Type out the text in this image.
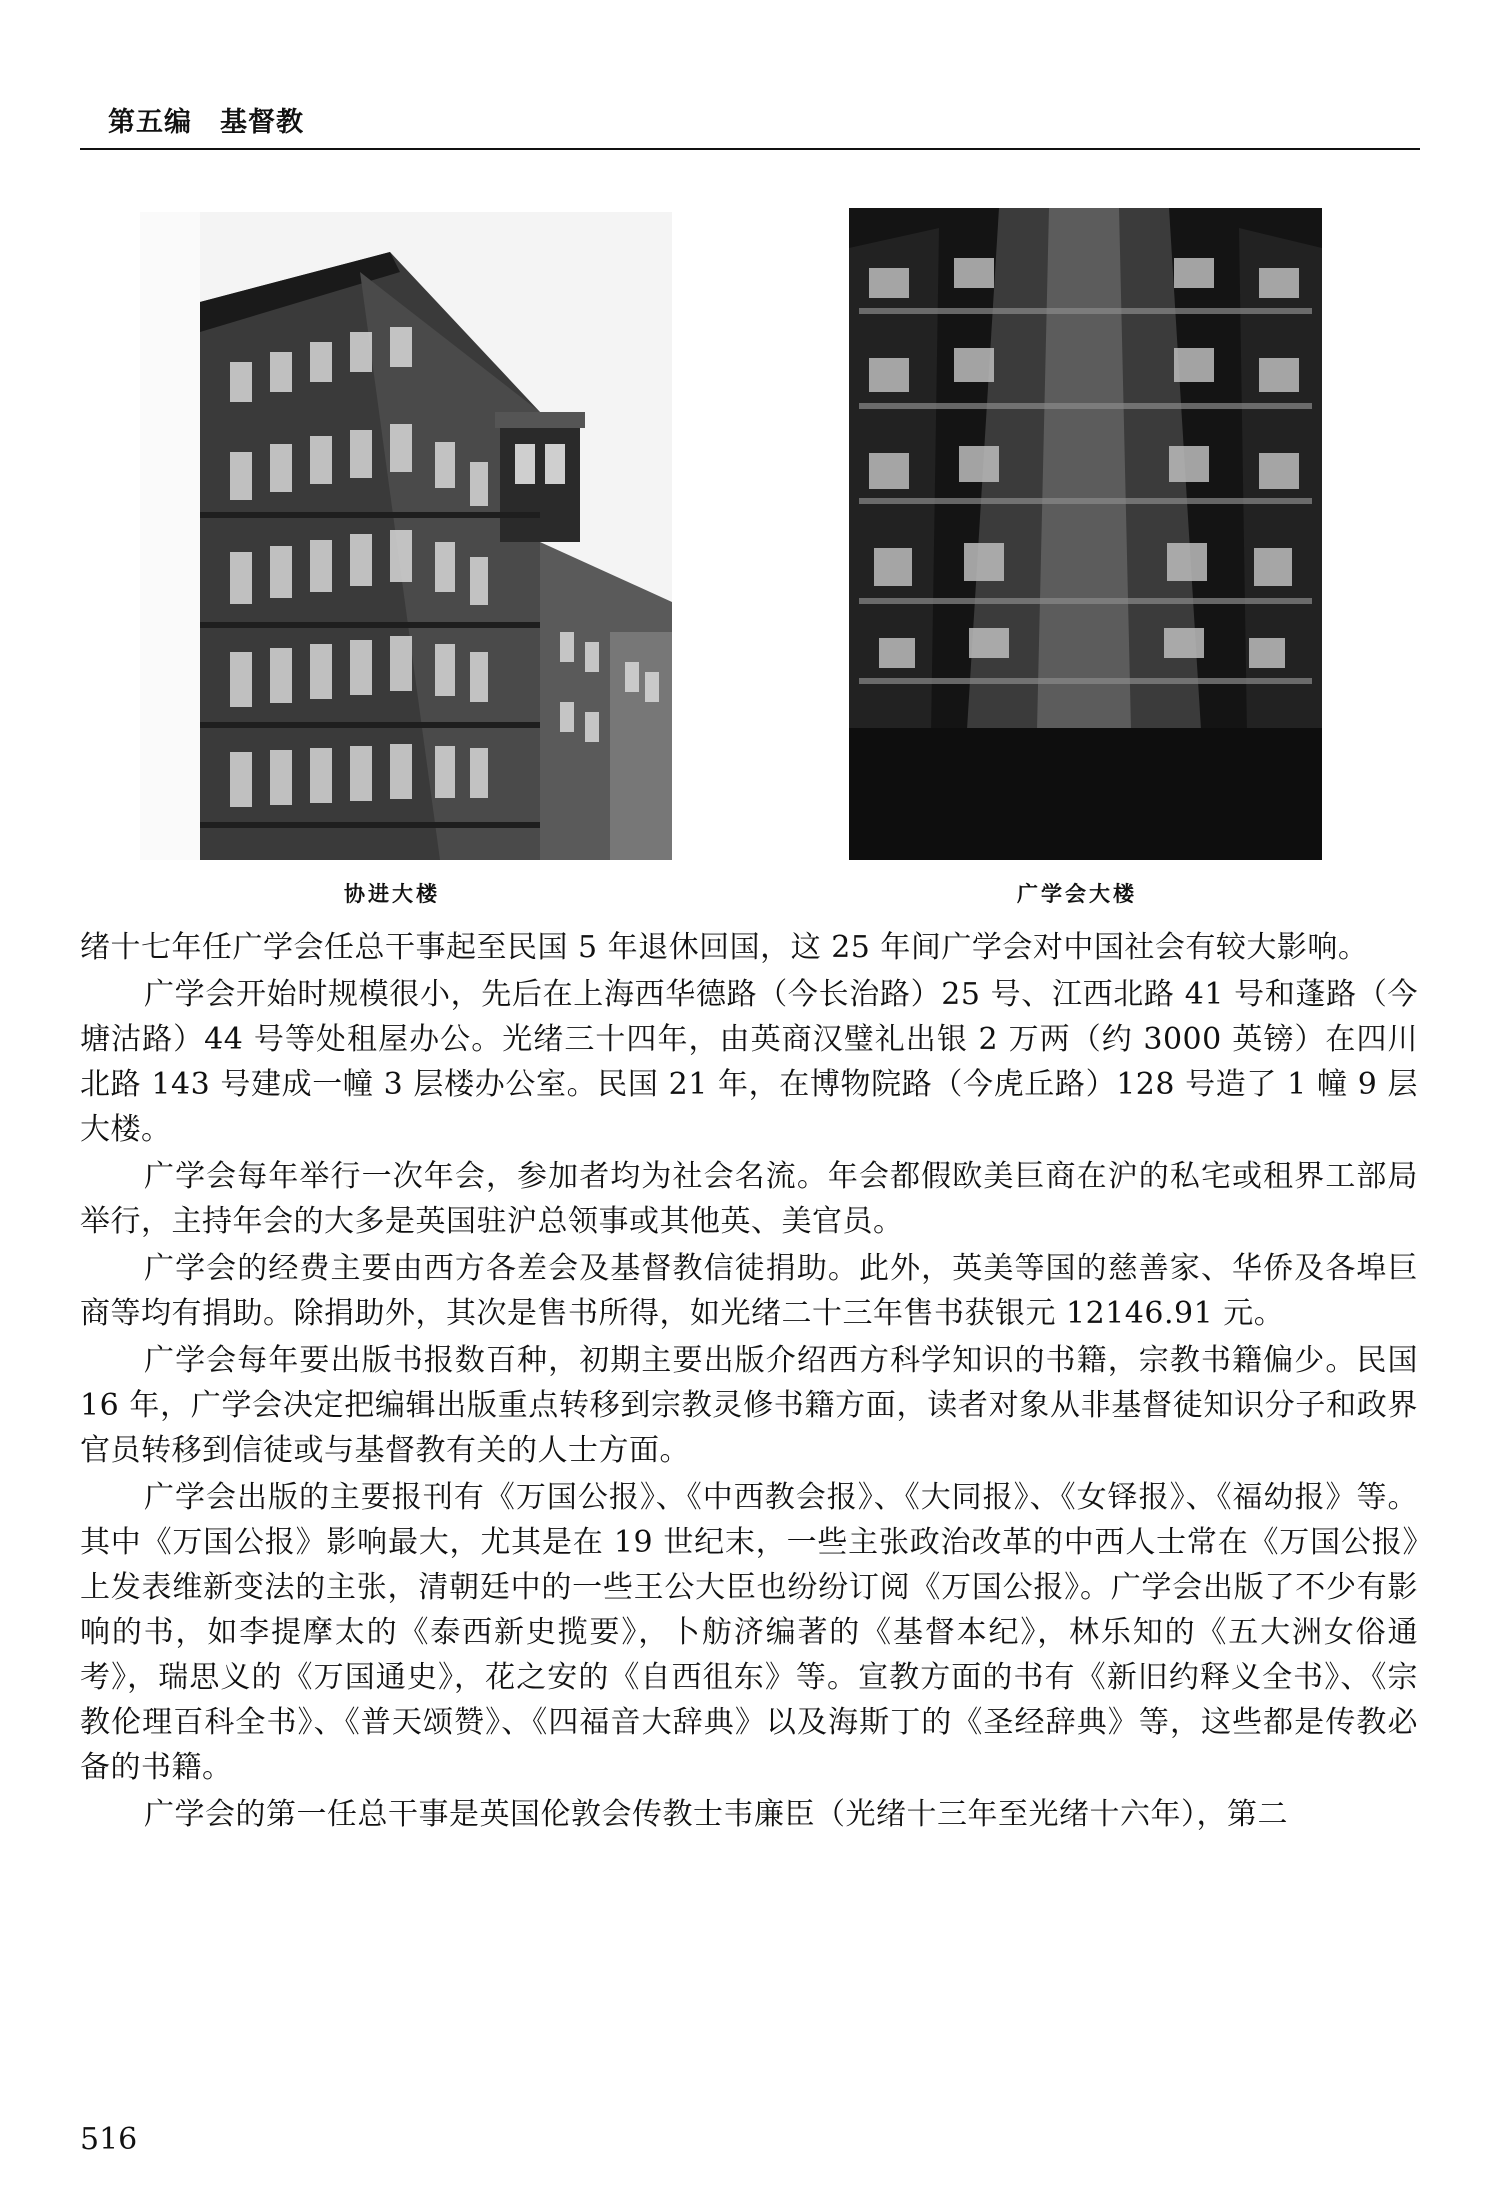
第五编　基督教
协进大楼	广学会大楼

绪十七年任广学会任总干事起至民国 5 年退休回国，这 25 年间广学会对中国社会有较大影响。

广学会开始时规模很小，先后在上海西华德路（今长治路）25 号、江西北路 41 号和蓬路（今塘沽路）44 号等处租屋办公。光绪三十四年，由英商汉璧礼出银 2 万两（约 3000 英镑）在四川北路 143 号建成一幢 3 层楼办公室。民国 21 年，在博物院路（今虎丘路）128 号造了 1 幢 9 层大楼。

广学会每年举行一次年会，参加者均为社会名流。年会都假欧美巨商在沪的私宅或租界工部局举行，主持年会的大多是英国驻沪总领事或其他英、美官员。

广学会的经费主要由西方各差会及基督教信徒捐助。此外，英美等国的慈善家、华侨及各埠巨商等均有捐助。除捐助外，其次是售书所得，如光绪二十三年售书获银元 12146.91 元。

广学会每年要出版书报数百种，初期主要出版介绍西方科学知识的书籍，宗教书籍偏少。民国 16 年，广学会决定把编辑出版重点转移到宗教灵修书籍方面，读者对象从非基督徒知识分子和政界官员转移到信徒或与基督教有关的人士方面。

广学会出版的主要报刊有《万国公报》、《中西教会报》、《大同报》、《女铎报》、《福幼报》等。其中《万国公报》影响最大，尤其是在 19 世纪末，一些主张政治改革的中西人士常在《万国公报》上发表维新变法的主张，清朝廷中的一些王公大臣也纷纷订阅《万国公报》。广学会出版了不少有影响的书，如李提摩太的《泰西新史揽要》，卜舫济编著的《基督本纪》，林乐知的《五大洲女俗通考》，瑞思义的《万国通史》，花之安的《自西徂东》等。宣教方面的书有《新旧约释义全书》、《宗教伦理百科全书》、《普天颂赞》、《四福音大辞典》以及海斯丁的《圣经辞典》等，这些都是传教必备的书籍。

广学会的第一任总干事是英国伦敦会传教士韦廉臣（光绪十三年至光绪十六年），第二

516
